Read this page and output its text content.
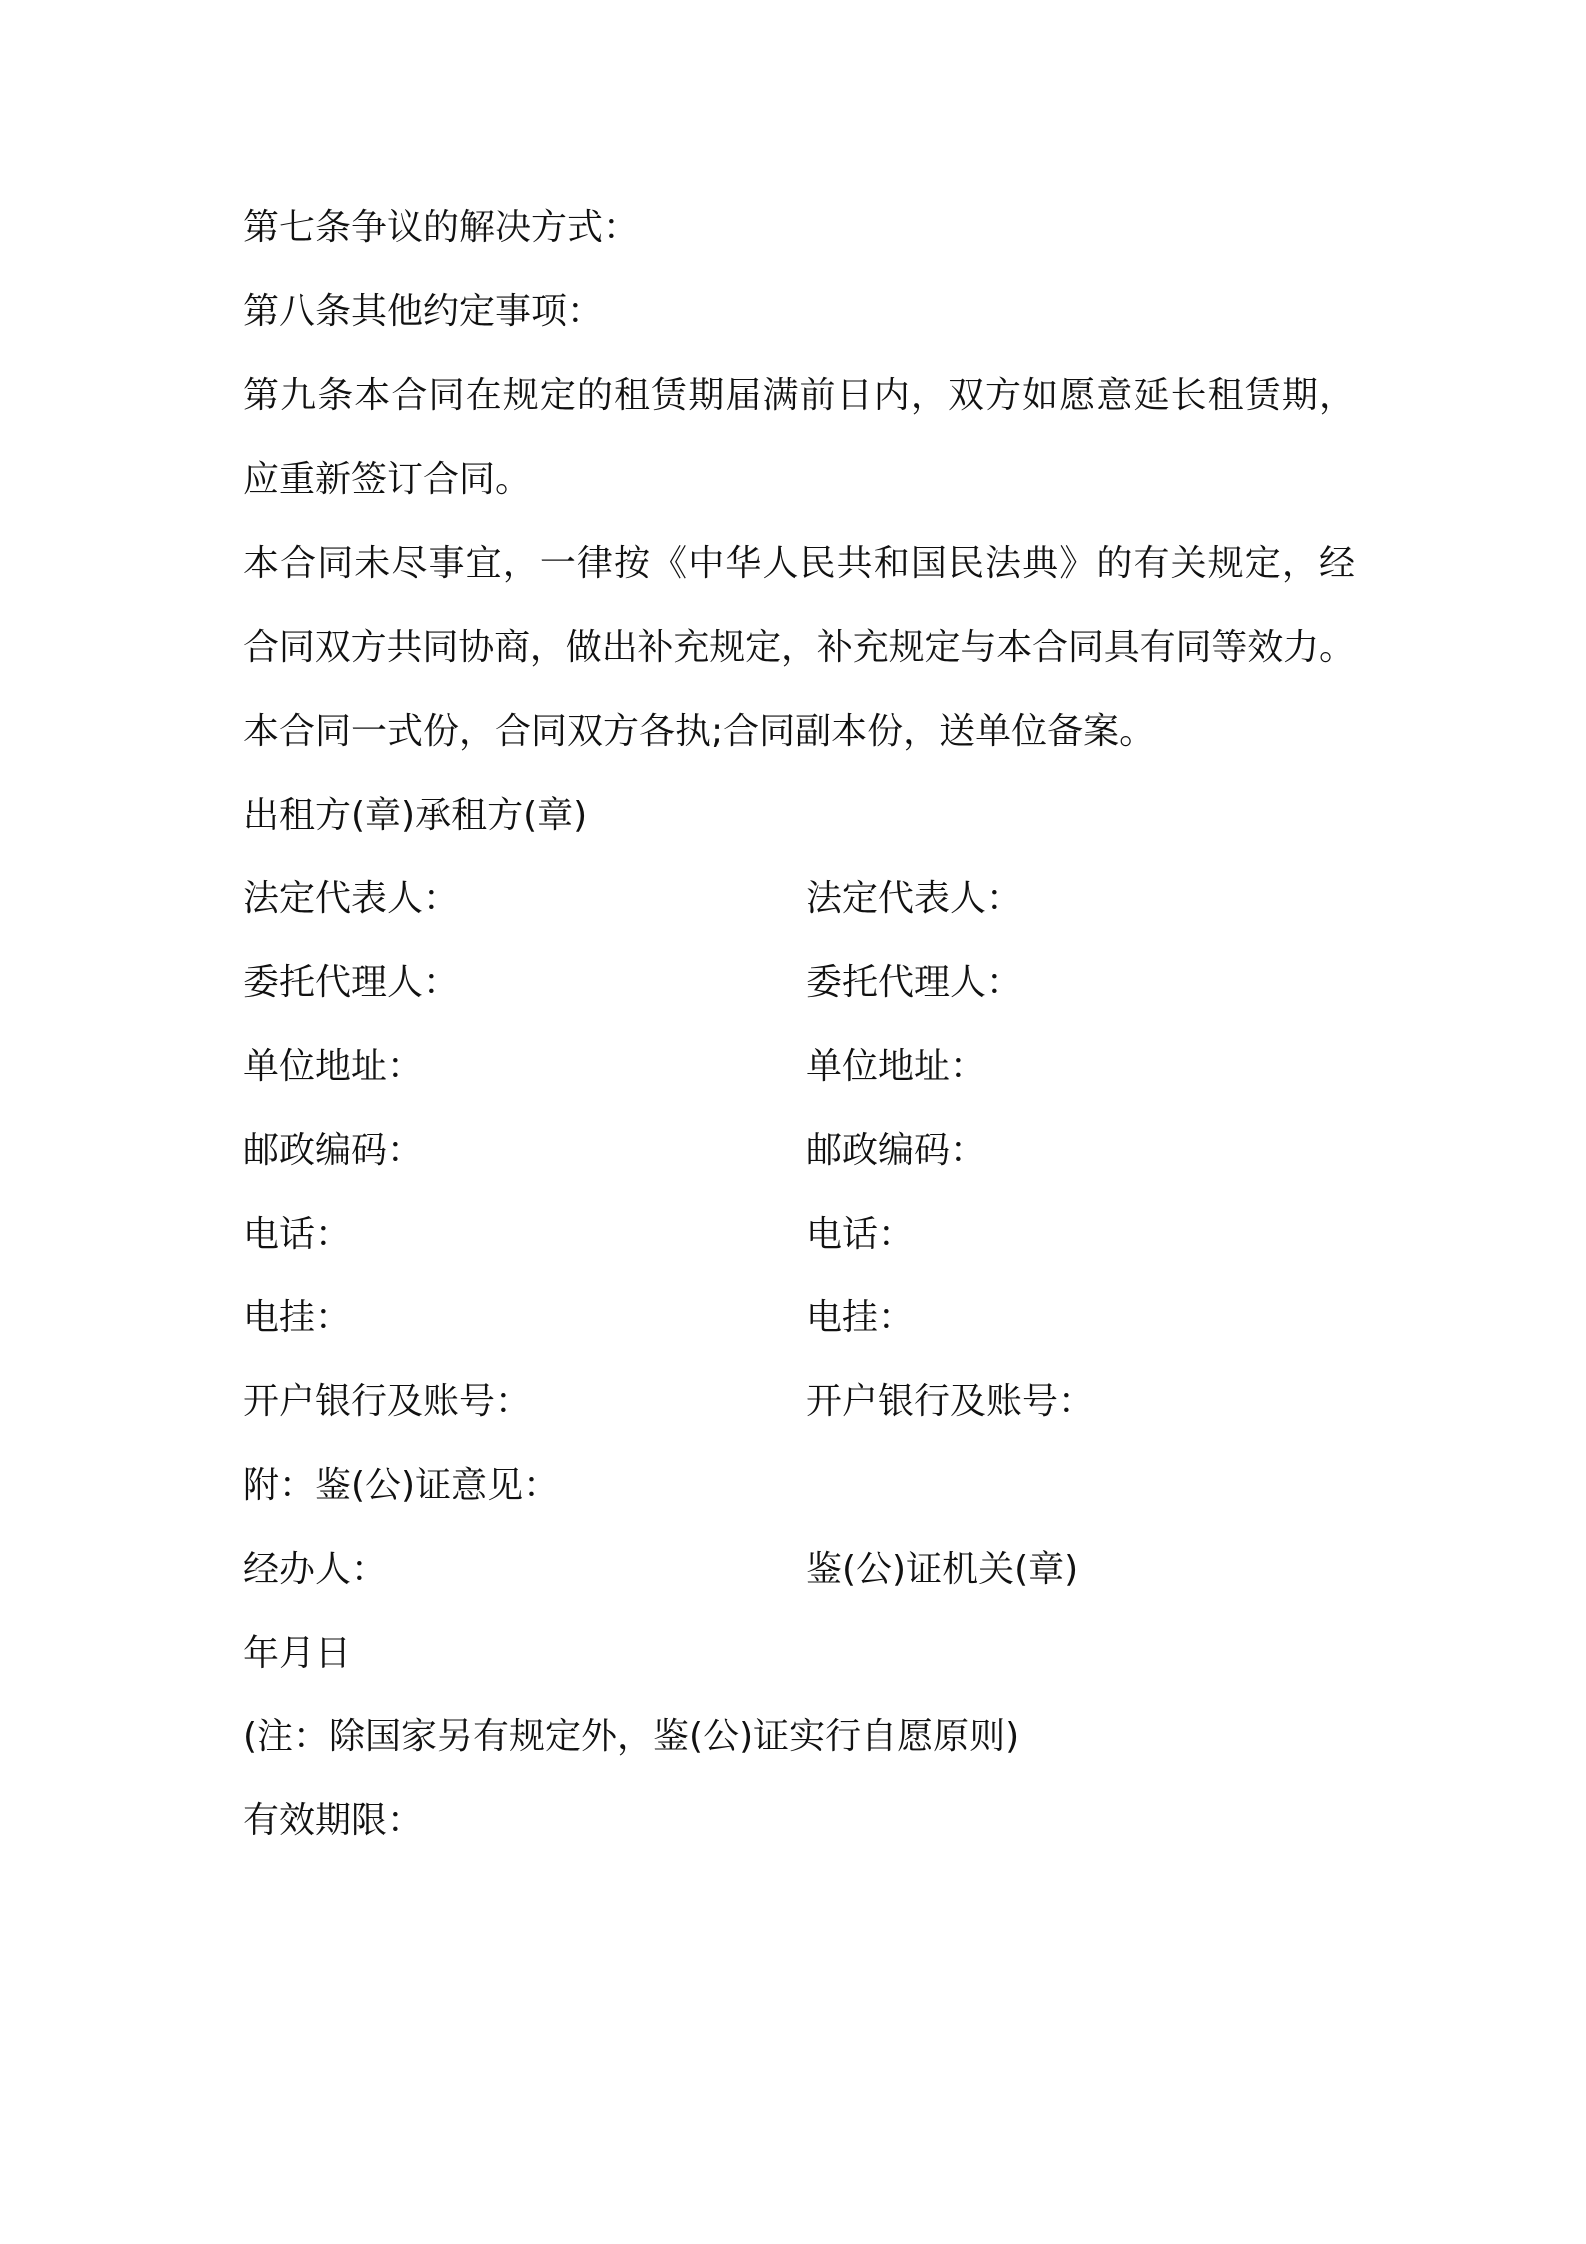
第七条争议的解决方式：
第八条其他约定事项：
第九条本合同在规定的租赁期届满前日内，双方如愿意延长租赁期，
应重新签订合同。
本合同未尽事宜，一律按《中华人民共和国民法典》的有关规定，经
合同双方共同协商，做出补充规定，补充规定与本合同具有同等效力。
本合同一式份，合同双方各执;合同副本份，送单位备案。
出租方(章)承租方(章)
法定代表人：
委托代理人：
单位地址：
邮政编码：
电话：
电挂：
开户银行及账号：
法定代表人：
委托代理人：
单位地址：
邮政编码：
电话：
电挂：
开户银行及账号：
附：鉴(公)证意见：
经办人：	鉴(公)证机关(章)
年月日
(注：除国家另有规定外，鉴(公)证实行自愿原则)
有效期限：
